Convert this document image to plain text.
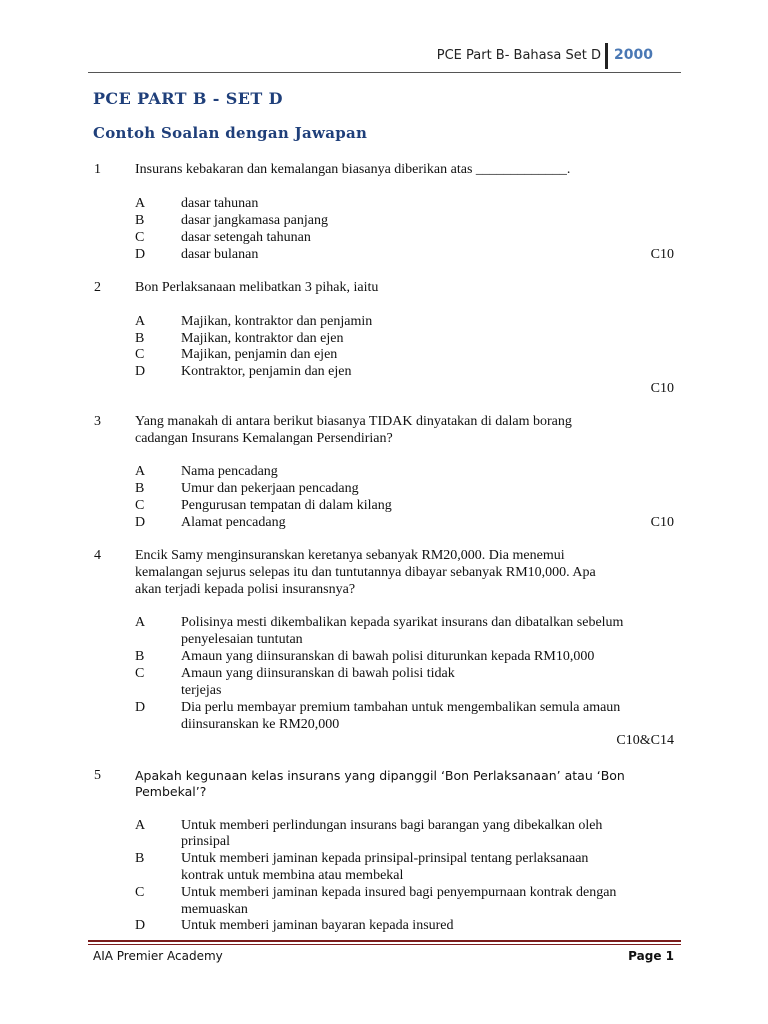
PCE Part B- Bahasa Set D 2000
PCE PART B - SET D
Contoh Soalan dengan Jawapan
1 Insurans kebakaran dan kemalangan biasanya diberikan atas _____________.
A	dasar tahunan
B	dasar jangkamasa panjang
C	dasar setengah tahunan
D	dasar bulanan	C10
2 Bon Perlaksanaan melibatkan 3 pihak, iaitu
A	Majikan, kontraktor dan penjamin
B	Majikan, kontraktor dan ejen
C	Majikan, penjamin dan ejen
D	Kontraktor, penjamin dan ejen
C10
3 Yang manakah di antara berikut biasanya TIDAK dinyatakan di dalam borang
cadangan Insurans Kemalangan Persendirian?
A	Nama pencadang
B	Umur dan pekerjaan pencadang
C	Pengurusan tempatan di dalam kilang
D	Alamat pencadang	C10
4 Encik Samy menginsuranskan keretanya sebanyak RM20,000. Dia menemui
kemalangan sejurus selepas itu dan tuntutannya dibayar sebanyak RM10,000. Apa
akan terjadi kepada polisi insuransnya?
A	Polisinya mesti dikembalikan kepada syarikat insurans dan dibatalkan sebelum
penyelesaian tuntutan
B	Amaun yang diinsuranskan di bawah polisi diturunkan kepada RM10,000
C	Amaun yang diinsuranskan di bawah polisi tidak
terjejas
D	Dia perlu membayar premium tambahan untuk mengembalikan semula amaun
diinsuranskan ke RM20,000
C10&C14
5	Apakah kegunaan kelas insurans yang dipanggil ‘Bon Perlaksanaan’ atau ‘Bon
Pembekal’?
A	Untuk memberi perlindungan insurans bagi barangan yang dibekalkan oleh
prinsipal
B	Untuk memberi jaminan kepada prinsipal-prinsipal tentang perlaksanaan
kontrak untuk membina atau membekal
C	Untuk memberi jaminan kepada insured bagi penyempurnaan kontrak dengan
memuaskan
D	Untuk memberi jaminan bayaran kepada insured
AIA Premier Academy	Page 1
